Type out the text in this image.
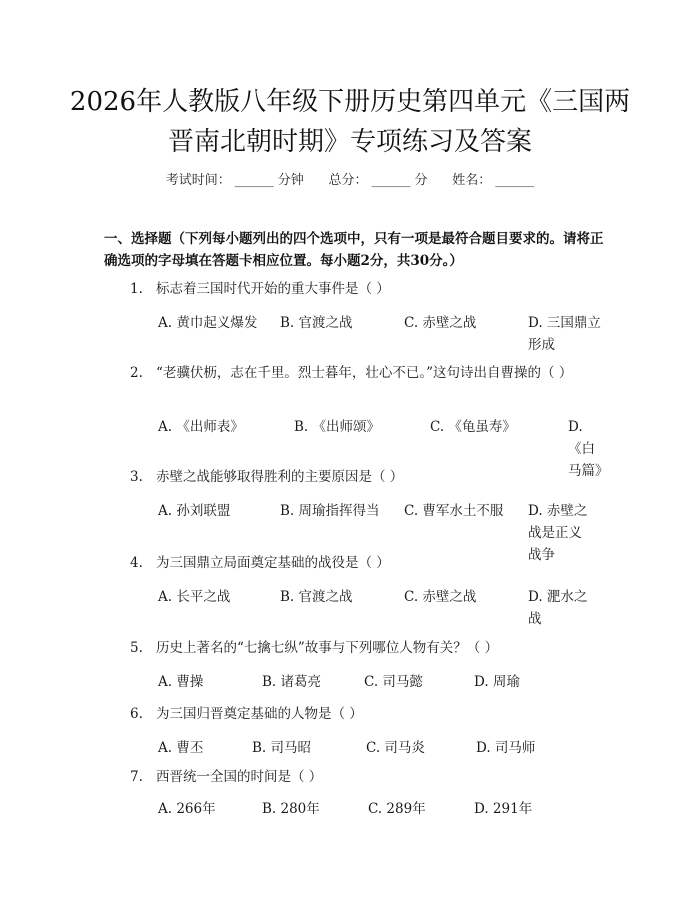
2026年人教版八年级下册历史第四单元《三国两晋南北朝时期》专项练习及答案
考试时间： ______ 分钟 总分： ______ 分 姓名： ______
一、选择题（下列每小题列出的四个选项中，只有一项是最符合题目要求的。请将正确选项的字母填在答题卡相应位置。每小题2分，共30分。）
1. 标志着三国时代开始的重大事件是（ ）
A. 黄巾起义爆发 B. 官渡之战	C. 赤壁之战	D. 三国鼎立形成
2. “老骥伏枥，志在千里。烈士暮年，壮心不已。”这句诗出自曹操的（ ）
A. 《出师表》	B. 《出师颂》	C. 《龟虽寿》	D. 《白马篇》
3. 赤壁之战能够取得胜利的主要原因是（ ）
A. 孙刘联盟	B. 周瑜指挥得当 C. 曹军水土不服 D. 赤壁之战是正义战争
4. 为三国鼎立局面奠定基础的战役是（ ）
A. 长平之战	B. 官渡之战	C. 赤壁之战	D. 淝水之战
5. 历史上著名的“七擒七纵”故事与下列哪位人物有关？（ ）
A. 曹操	B. 诸葛亮	C. 司马懿	D. 周瑜
6. 为三国归晋奠定基础的人物是（ ）
A. 曹丕	B. 司马昭	C. 司马炎	D. 司马师
7. 西晋统一全国的时间是（ ）
A. 266年	B. 280年	C. 289年	D. 291年
